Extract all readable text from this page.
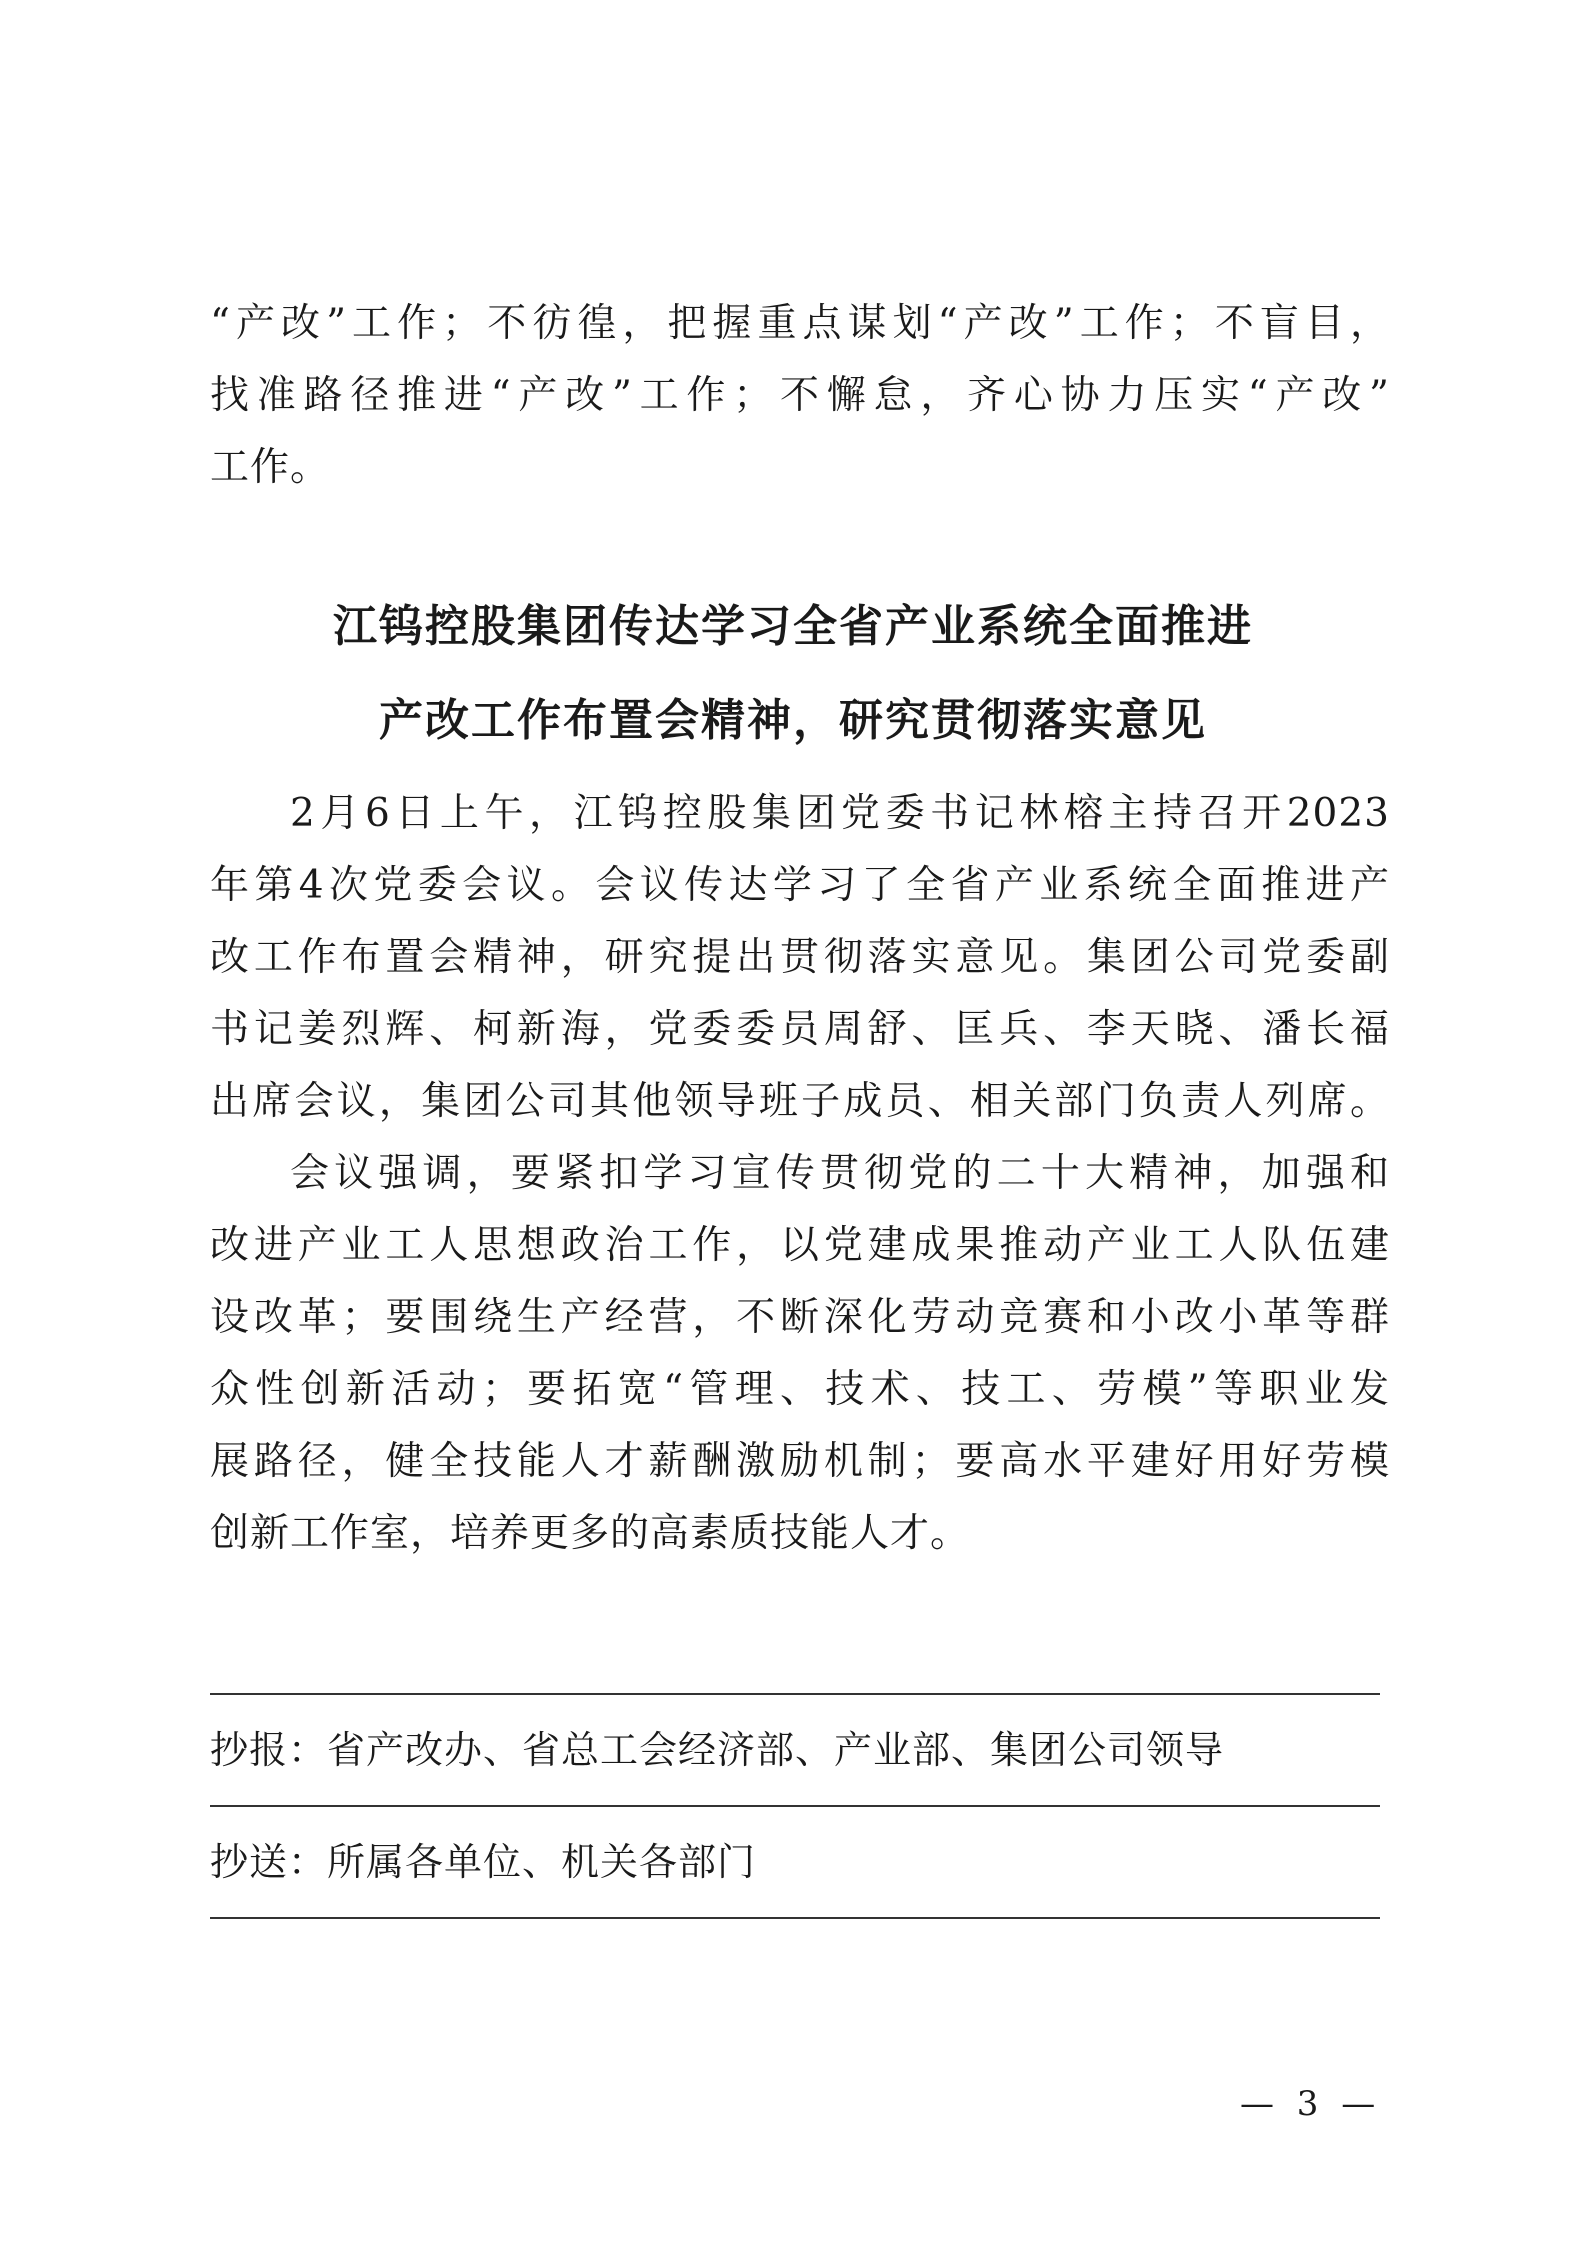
“产改”工作；不彷徨，把握重点谋划“产改”工作；不盲目，
找准路径推进“产改”工作；不懈怠，齐心协力压实“产改”
工作。
江钨控股集团传达学习全省产业系统全面推进
产改工作布置会精神，研究贯彻落实意见
2月6日上午，江钨控股集团党委书记林榕主持召开2023
年第4次党委会议。会议传达学习了全省产业系统全面推进产
改工作布置会精神，研究提出贯彻落实意见。集团公司党委副
书记姜烈辉、柯新海，党委委员周舒、匡兵、李天晓、潘长福
出席会议，集团公司其他领导班子成员、相关部门负责人列席。
会议强调，要紧扣学习宣传贯彻党的二十大精神，加强和
改进产业工人思想政治工作，以党建成果推动产业工人队伍建
设改革；要围绕生产经营，不断深化劳动竞赛和小改小革等群
众性创新活动；要拓宽“管理、技术、技工、劳模”等职业发
展路径，健全技能人才薪酬激励机制；要高水平建好用好劳模
创新工作室，培养更多的高素质技能人才。
抄报：省产改办、省总工会经济部、产业部、集团公司领导
抄送：所属各单位、机关各部门
— 3 —
